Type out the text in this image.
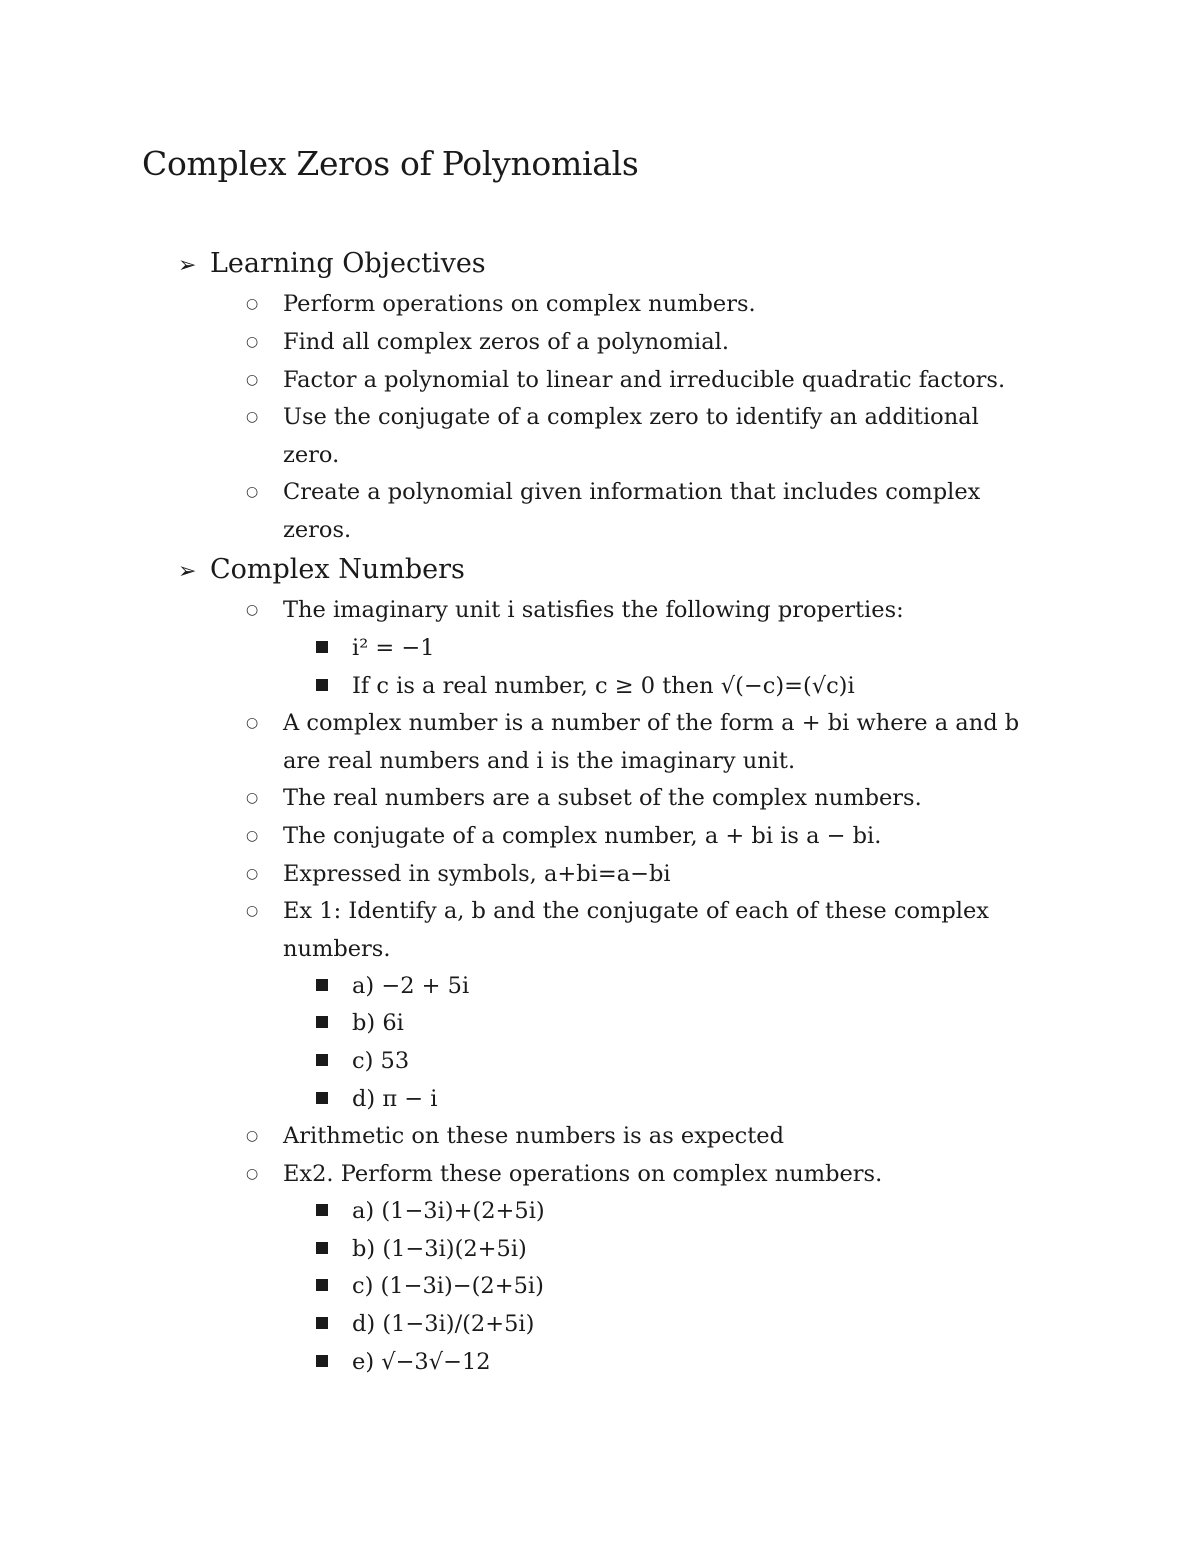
Complex Zeros of Polynomials
➢ Learning Objectives
○ Perform operations on complex numbers.
○ Find all complex zeros of a polynomial.
○ Factor a polynomial to linear and irreducible quadratic factors.
○ Use the conjugate of a complex zero to identify an additional zero.
○ Create a polynomial given information that includes complex zeros.
➢ Complex Numbers
○ The imaginary unit i satisfies the following properties:
i² = −1
If c is a real number, c ≥ 0 then √(−c)=(√c)i
○ A complex number is a number of the form a + bi where a and b are real numbers and i is the imaginary unit.
○ The real numbers are a subset of the complex numbers.
○ The conjugate of a complex number, a + bi is a − bi.
○ Expressed in symbols, a+bi=a−bi
○ Ex 1: Identify a, b and the conjugate of each of these complex numbers.
a) −2 + 5i
b) 6i
c) 53
d) π − i
○ Arithmetic on these numbers is as expected
○ Ex2. Perform these operations on complex numbers.
a) (1−3i)+(2+5i)
b) (1−3i)(2+5i)
c) (1−3i)−(2+5i)
d) (1−3i)/(2+5i)
e) √−3√−12
